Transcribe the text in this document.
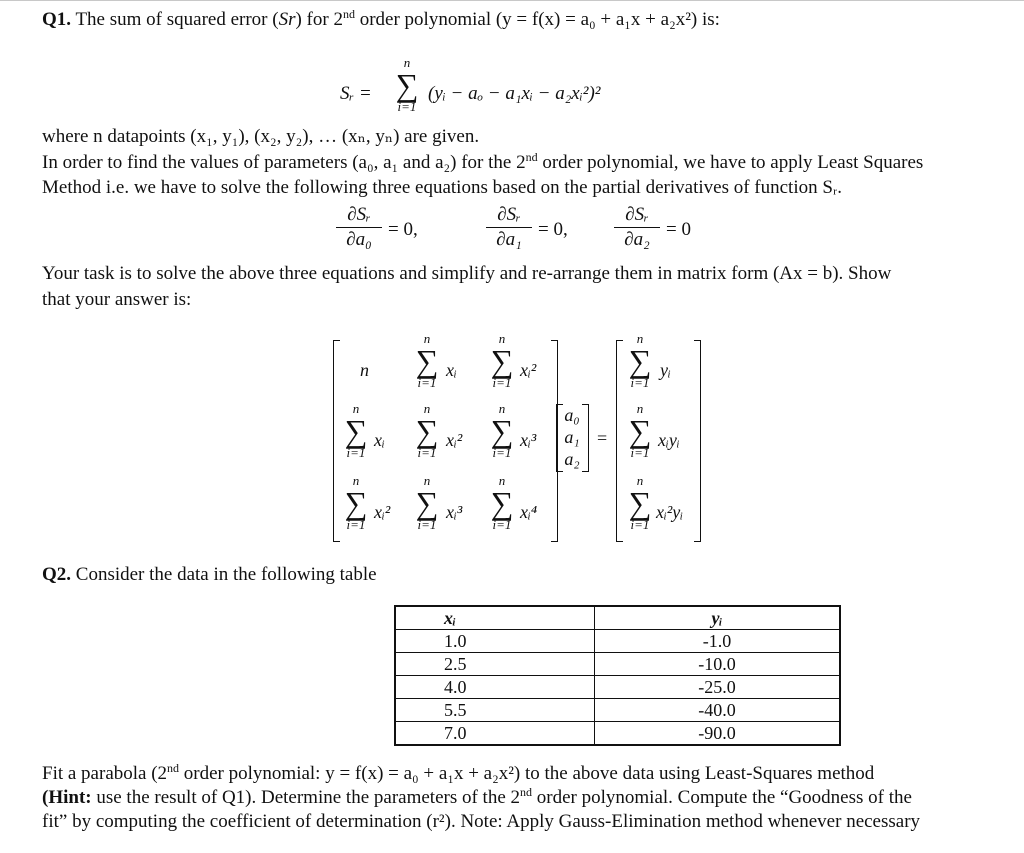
Q1. The sum of squared error (Sr) for 2nd order polynomial (y = f(x) = a₀ + a₁x + a₂x²) is:
Sᵣ =
n
∑
i=1
(yᵢ − aₒ − a₁xᵢ − a₂xᵢ²)²
where n datapoints (x₁, y₁), (x₂, y₂), … (xₙ, yₙ) are given.
In order to find the values of parameters (a₀, a₁ and a₂) for the 2nd order polynomial, we have to apply Least Squares
Method i.e. we have to solve the following three equations based on the partial derivatives of function Sᵣ.
∂Sᵣ
∂a₀ = 0,
∂Sᵣ
∂a₁ = 0,
∂Sᵣ
∂a₂ = 0
Your task is to solve the above three equations and simplify and re-arrange them in matrix form (Ax = b). Show
that your answer is:
n
n
∑
i=1
xᵢ
n
∑
i=1
xᵢ²
n
∑
i=1
xᵢ
n
∑
i=1
xᵢ²
n
∑
i=1
xᵢ³
n
∑
i=1
xᵢ²
n
∑
i=1
xᵢ³
n
∑
i=1
xᵢ⁴
a₀
a₁
a₂
=
n
∑
i=1
yᵢ
n
∑
i=1
xᵢyᵢ
n
∑
i=1
xᵢ²yᵢ
Q2. Consider the data in the following table
xᵢ	yᵢ
1.0	-1.0
2.5	-10.0
4.0	-25.0
5.5	-40.0
7.0	-90.0
Fit a parabola (2nd order polynomial: y = f(x) = a₀ + a₁x + a₂x²) to the above data using Least-Squares method
(Hint: use the result of Q1). Determine the parameters of the 2nd order polynomial. Compute the “Goodness of the
fit” by computing the coefficient of determination (r²). Note: Apply Gauss-Elimination method whenever necessary
